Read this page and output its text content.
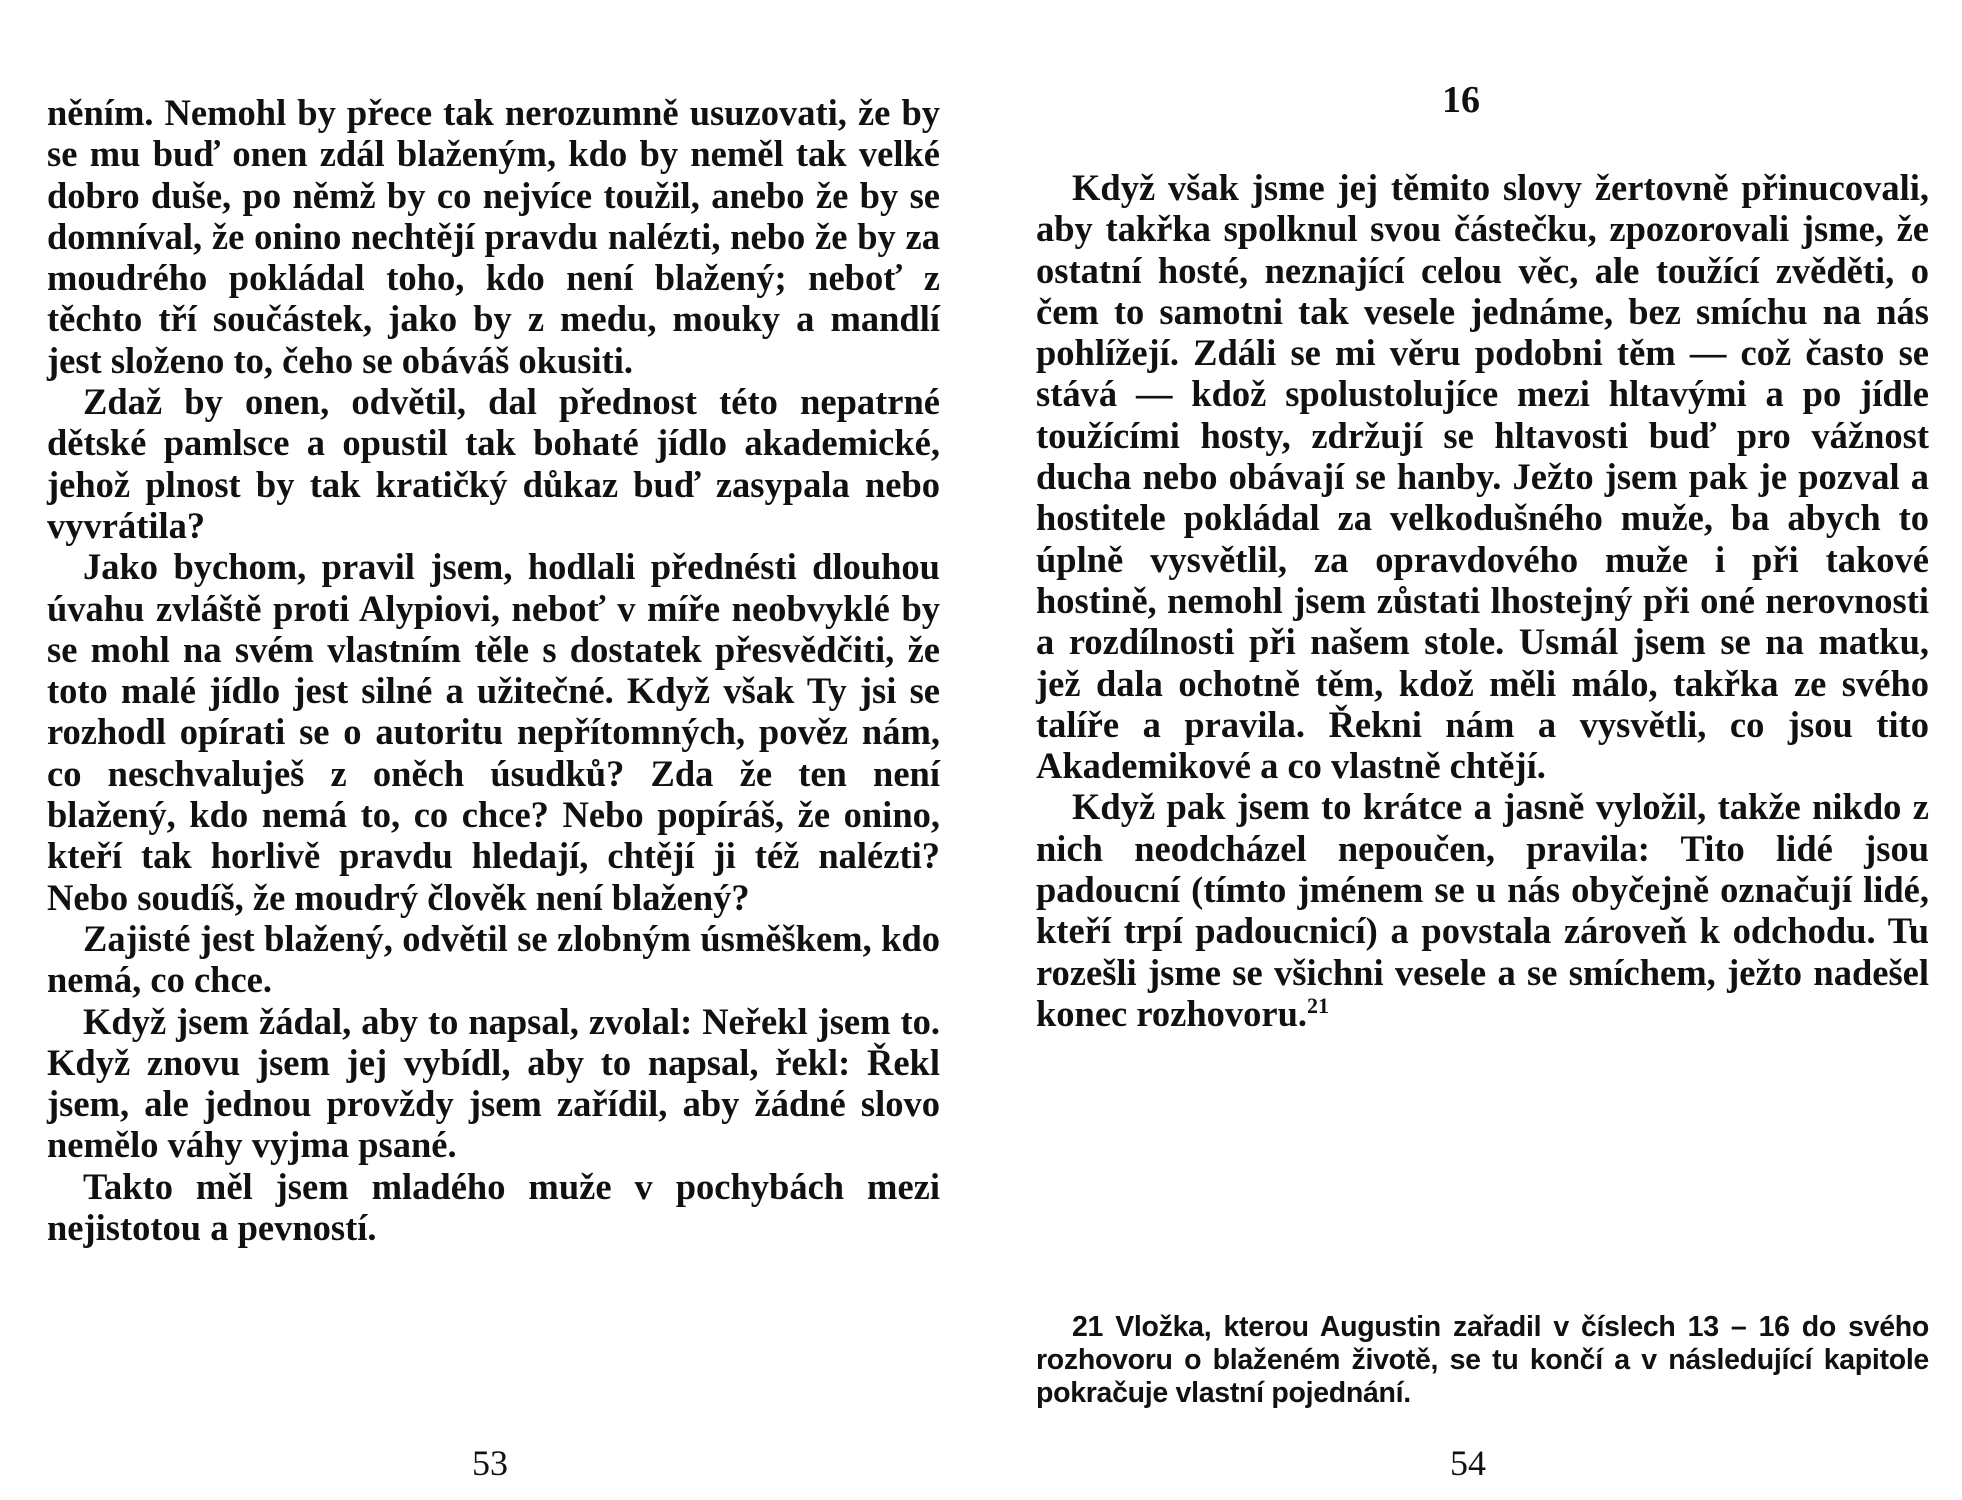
něním. Nemohl by přece tak nerozumně usuzovati, že by se mu buď onen zdál blaženým, kdo by neměl tak velké dobro duše, po němž by co nejvíce toužil, anebo že by se domníval, že onino nechtějí pravdu nalézti, nebo že by za moudrého pokládal toho, kdo není blažený; neboť z těchto tří součástek, jako by z medu, mouky a mandlí jest složeno to, čeho se obáváš okusiti.

Zdaž by onen, odvětil, dal přednost této nepatrné dětské pamlsce a opustil tak bohaté jídlo akademické, jehož plnost by tak kratičký důkaz buď zasypala nebo vyvrátila?

Jako bychom, pravil jsem, hodlali přednésti dlouhou úvahu zvláště proti Alypiovi, neboť v míře neobvyklé by se mohl na svém vlastním těle s dostatek přesvědčiti, že toto malé jídlo jest silné a užitečné. Když však Ty jsi se rozhodl opírati se o autoritu nepřítomných, pověz nám, co neschvaluješ z oněch úsudků? Zda že ten není blažený, kdo nemá to, co chce? Nebo popíráš, že onino, kteří tak horlivě pravdu hledají, chtějí ji též nalézti? Nebo soudíš, že moudrý člověk není blažený?

Zajisté jest blažený, odvětil se zlobným úsměškem, kdo nemá, co chce.

Když jsem žádal, aby to napsal, zvolal: Neřekl jsem to. Když znovu jsem jej vybídl, aby to napsal, řekl: Řekl jsem, ale jednou provždy jsem zařídil, aby žádné slovo nemělo váhy vyjma psané.

Takto měl jsem mladého muže v pochybách mezi nejistotou a pevností.

53
16

Když však jsme jej těmito slovy žertovně přinucovali, aby takřka spolknul svou částečku, zpozorovali jsme, že ostatní hosté, neznající celou věc, ale toužící zvěděti, o čem to samotni tak vesele jednáme, bez smíchu na nás pohlížejí. Zdáli se mi věru podobni těm — což často se stává — kdož spolustolujíce mezi hltavými a po jídle toužícími hosty, zdržují se hltavosti buď pro vážnost ducha nebo obávají se hanby. Ježto jsem pak je pozval a hostitele pokládal za velkodušného muže, ba abych to úplně vysvětlil, za opravdového muže i při takové hostině, nemohl jsem zůstati lhostejný při oné nerovnosti a rozdílnosti při našem stole. Usmál jsem se na matku, jež dala ochotně těm, kdož měli málo, takřka ze svého talíře a pravila. Řekni nám a vysvětli, co jsou tito Akademikové a co vlastně chtějí.

Když pak jsem to krátce a jasně vyložil, takže nikdo z nich neodcházel nepoučen, pravila: Tito lidé jsou padoucní (tímto jménem se u nás obyčejně označují lidé, kteří trpí padoucnicí) a povstala zároveň k odchodu. Tu rozešli jsme se všichni vesele a se smíchem, ježto nadešel konec rozhovoru.$^{21}$

21 Vložka, kterou Augustin zařadil v číslech 13 – 16 do svého rozhovoru o blaženém životě, se tu končí a v následující kapitole pokračuje vlastní pojednání.

54
